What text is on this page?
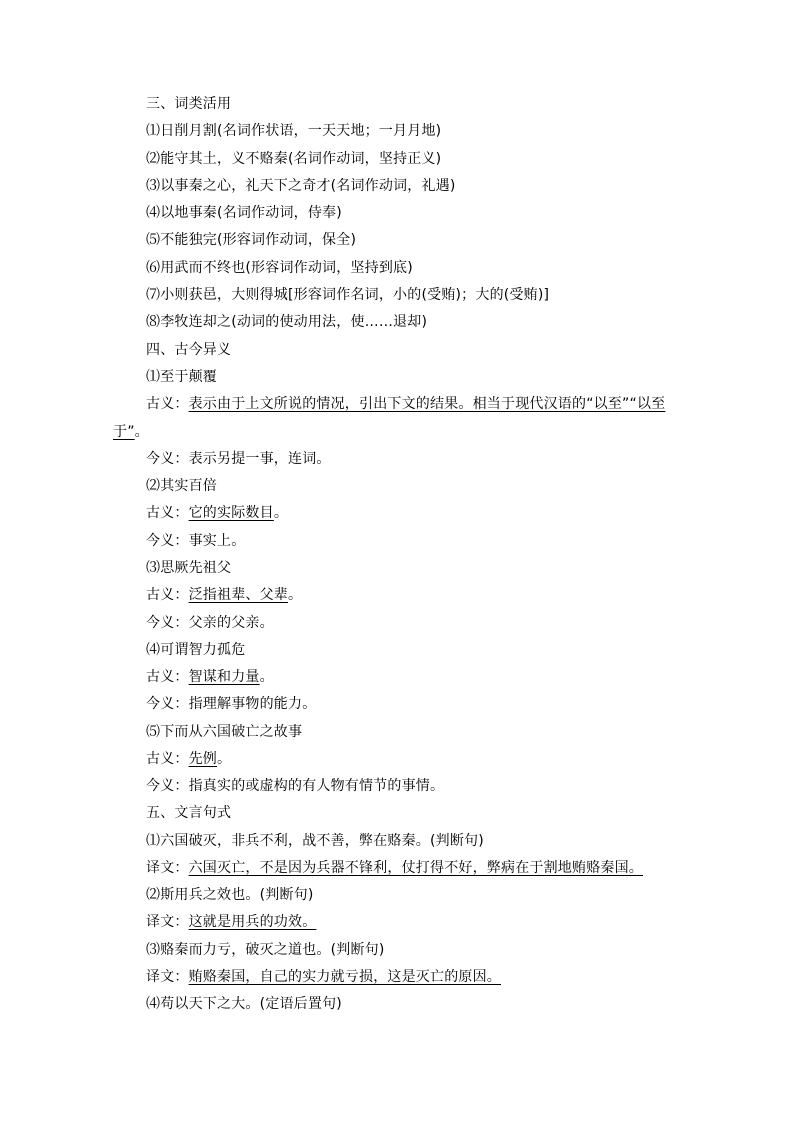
三、词类活用
⑴日削月割(名词作状语，一天天地；一月月地)
⑵能守其土，义不赂秦(名词作动词，坚持正义)
⑶以事秦之心，礼天下之奇才(名词作动词，礼遇)
⑷以地事秦(名词作动词，侍奉)
⑸不能独完(形容词作动词，保全)
⑹用武而不终也(形容词作动词，坚持到底)
⑺小则获邑，大则得城[形容词作名词，小的(受贿)；大的(受贿)]
⑻李牧连却之(动词的使动用法，使……退却)
四、古今异义
⑴至于颠覆
古义：表示由于上文所说的情况，引出下文的结果。相当于现代汉语的“以至”“以至
于”。
今义：表示另提一事，连词。
⑵其实百倍
古义：它的实际数目。
今义：事实上。
⑶思厥先祖父
古义：泛指祖辈、父辈。
今义：父亲的父亲。
⑷可谓智力孤危
古义：智谋和力量。
今义：指理解事物的能力。
⑸下而从六国破亡之故事
古义：先例。
今义：指真实的或虚构的有人物有情节的事情。
五、文言句式
⑴六国破灭，非兵不利，战不善，弊在赂秦。(判断句)
译文：六国灭亡，不是因为兵器不锋利，仗打得不好，弊病在于割地贿赂秦国。
⑵斯用兵之效也。(判断句)
译文：这就是用兵的功效。
⑶赂秦而力亏，破灭之道也。(判断句)
译文：贿赂秦国，自己的实力就亏损，这是灭亡的原因。
⑷苟以天下之大。(定语后置句)
